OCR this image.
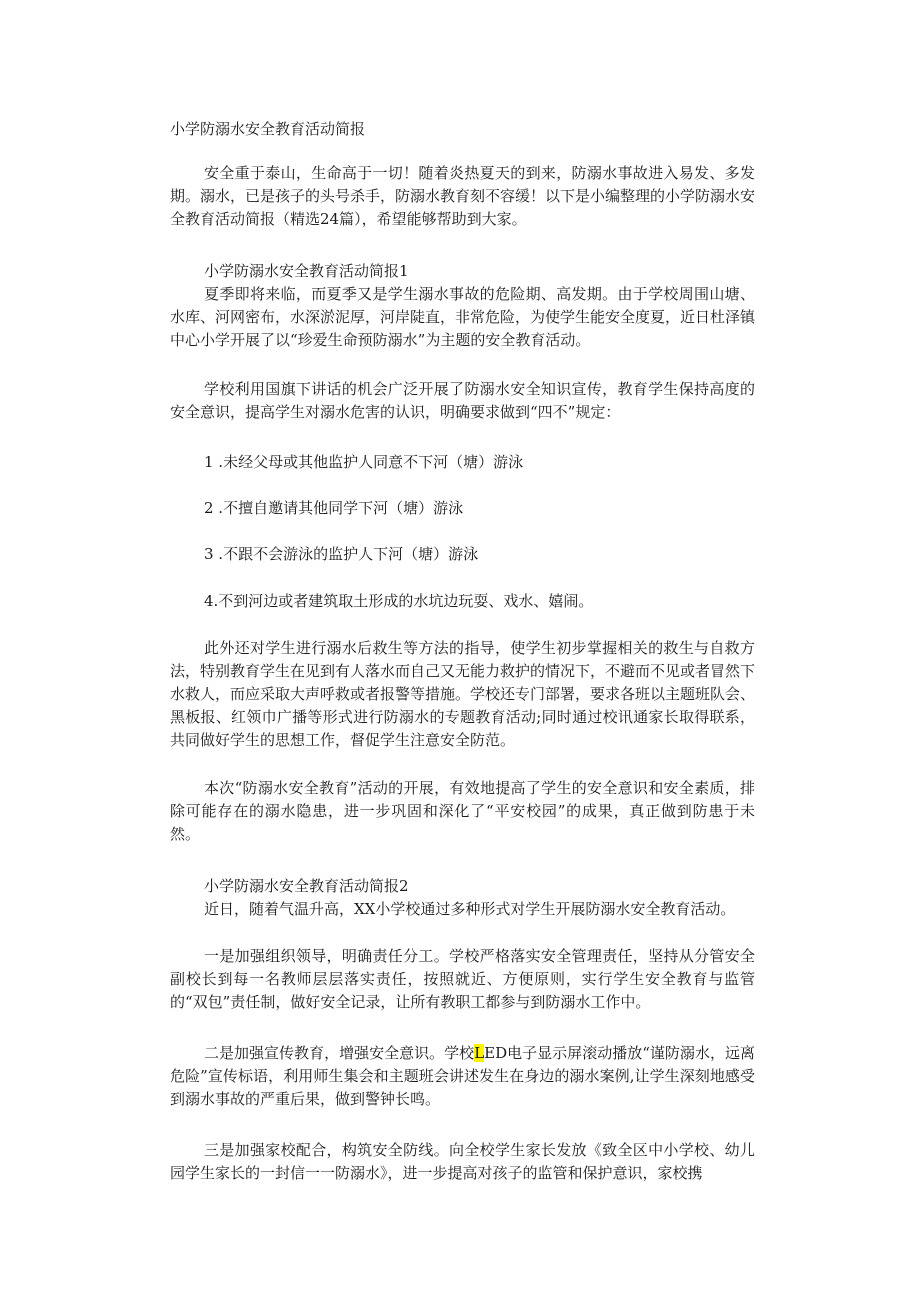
小学防溺水安全教育活动简报
安全重于泰山，生命高于一切！随着炎热夏天的到来，防溺水事故进入易发、多发期。溺水，已是孩子的头号杀手，防溺水教育刻不容缓！以下是小编整理的小学防溺水安全教育活动简报（精选24篇），希望能够帮助到大家。
小学防溺水安全教育活动简报1
夏季即将来临，而夏季又是学生溺水事故的危险期、高发期。由于学校周围山塘、水库、河网密布，水深淤泥厚，河岸陡直，非常危险，为使学生能安全度夏，近日杜泽镇中心小学开展了以“珍爱生命预防溺水”为主题的安全教育活动。
学校利用国旗下讲话的机会广泛开展了防溺水安全知识宣传，教育学生保持高度的安全意识，提高学生对溺水危害的认识，明确要求做到“四不”规定：
1 .未经父母或其他监护人同意不下河（塘）游泳
2 .不擅自邀请其他同学下河（塘）游泳
3 .不跟不会游泳的监护人下河（塘）游泳
4.不到河边或者建筑取土形成的水坑边玩耍、戏水、嬉闹。
此外还对学生进行溺水后救生等方法的指导，使学生初步掌握相关的救生与自救方法，特别教育学生在见到有人落水而自己又无能力救护的情况下，不避而不见或者冒然下水救人，而应采取大声呼救或者报警等措施。学校还专门部署，要求各班以主题班队会、黑板报、红领巾广播等形式进行防溺水的专题教育活动;同时通过校讯通家长取得联系，共同做好学生的思想工作，督促学生注意安全防范。
本次“防溺水安全教育”活动的开展，有效地提高了学生的安全意识和安全素质，排除可能存在的溺水隐患，进一步巩固和深化了“平安校园”的成果，真正做到防患于未然。
小学防溺水安全教育活动简报2
近日，随着气温升高，XX小学校通过多种形式对学生开展防溺水安全教育活动。
一是加强组织领导，明确责任分工。学校严格落实安全管理责任，坚持从分管安全副校长到每一名教师层层落实责任，按照就近、方便原则，实行学生安全教育与监管的“双包”责任制，做好安全记录，让所有教职工都参与到防溺水工作中。
二是加强宣传教育，增强安全意识。学校LED电子显示屏滚动播放“谨防溺水，远离危险”宣传标语，利用师生集会和主题班会讲述发生在身边的溺水案例,让学生深刻地感受到溺水事故的严重后果，做到警钟长鸣。
三是加强家校配合，构筑安全防线。向全校学生家长发放《致全区中小学校、幼儿园学生家长的一封信一一防溺水》，进一步提高对孩子的监管和保护意识，家校携
